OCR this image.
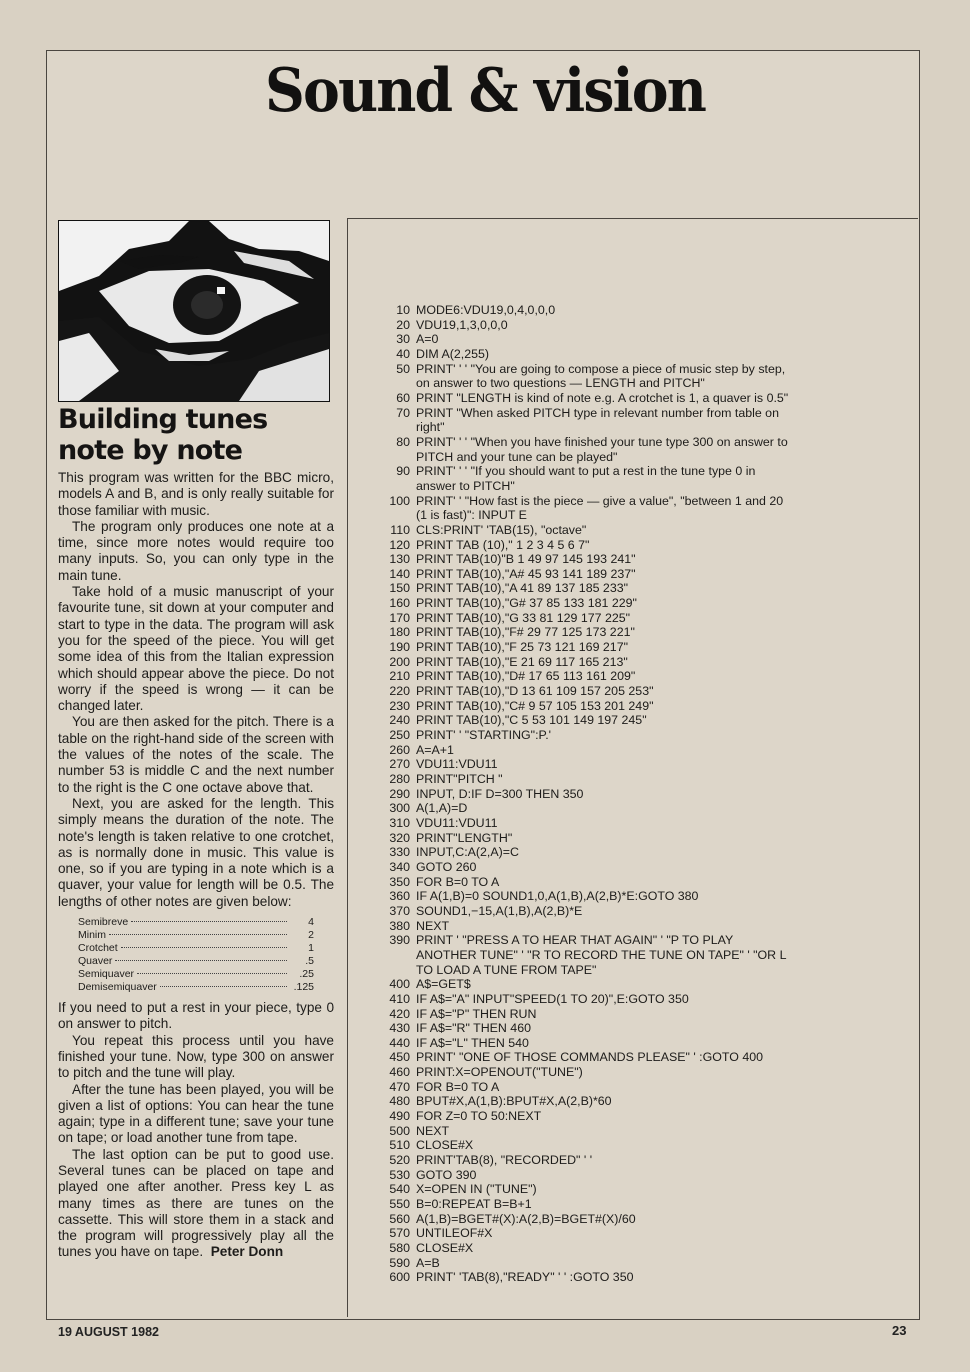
Sound & vision
Building tunes
note by note

This program was written for the BBC micro, models A and B, and is only really suitable for those familiar with music.

The program only produces one note at a time, since more notes would require too many inputs. So, you can only type in the main tune.

Take hold of a music manuscript of your favourite tune, sit down at your computer and start to type in the data. The program will ask you for the speed of the piece. You will get some idea of this from the Italian expression which should appear above the piece. Do not worry if the speed is wrong — it can be changed later.

You are then asked for the pitch. There is a table on the right-hand side of the screen with the values of the notes of the scale. The number 53 is middle C and the next number to the right is the C one octave above that.

Next, you are asked for the length. This simply means the duration of the note. The note's length is taken relative to one crotchet, as is normally done in music. This value is one, so if you are typing in a note which is a quaver, your value for length will be 0.5. The lengths of other notes are given below:

Semibreve	4
Minim	2
Crotchet	1
Quaver	.5
Semiquaver	.25
Demisemiquaver	.125

If you need to put a rest in your piece, type 0 on answer to pitch.

You repeat this process until you have finished your tune. Now, type 300 on answer to pitch and the tune will play.

After the tune has been played, you will be given a list of options: You can hear the tune again; type in a different tune; save your tune on tape; or load another tune from tape.

The last option can be put to good use. Several tunes can be placed on tape and played one after another. Press key L as many times as there are tunes on the cassette. This will store them in a stack and the program will progressively play all the tunes you have on tape. Peter Donn

10 MODE6:VDU19,0,4,0,0,0
20 VDU19,1,3,0,0,0
30 A=0
40 DIM A(2,255)
50 PRINT' ' ' "You are going to compose a piece of music step by step, on answer to two questions — LENGTH and PITCH"
60 PRINT "LENGTH is kind of note e.g. A crotchet is 1, a quaver is 0.5"
70 PRINT "When asked PITCH type in relevant number from table on right"
80 PRINT' ' ' "When you have finished your tune type 300 on answer to PITCH and your tune can be played"
90 PRINT' ' ' "If you should want to put a rest in the tune type 0 in answer to PITCH"
100 PRINT' ' "How fast is the piece — give a value", "between 1 and 20 (1 is fast)": INPUT E
110 CLS:PRINT' 'TAB(15), "octave"
120 PRINT TAB (10)," 1 2 3 4 5 6 7"
130 PRINT TAB(10)"B 1 49 97 145 193 241"
140 PRINT TAB(10),"A# 45 93 141 189 237"
150 PRINT TAB(10),"A 41 89 137 185 233"
160 PRINT TAB(10),"G# 37 85 133 181 229"
170 PRINT TAB(10),"G 33 81 129 177 225"
180 PRINT TAB(10),"F# 29 77 125 173 221"
190 PRINT TAB(10),"F 25 73 121 169 217"
200 PRINT TAB(10),"E 21 69 117 165 213"
210 PRINT TAB(10),"D# 17 65 113 161 209"
220 PRINT TAB(10),"D 13 61 109 157 205 253"
230 PRINT TAB(10),"C# 9 57 105 153 201 249"
240 PRINT TAB(10),"C 5 53 101 149 197 245"
250 PRINT' ' "STARTING":P.'
260 A=A+1
270 VDU11:VDU11
280 PRINT"PITCH "
290 INPUT, D:IF D=300 THEN 350
300 A(1,A)=D
310 VDU11:VDU11
320 PRINT"LENGTH"
330 INPUT,C:A(2,A)=C
340 GOTO 260
350 FOR B=0 TO A
360 IF A(1,B)=0 SOUND1,0,A(1,B),A(2,B)*E:GOTO 380
370 SOUND1,−15,A(1,B),A(2,B)*E
380 NEXT
390 PRINT ' "PRESS A TO HEAR THAT AGAIN" ' "P TO PLAY ANOTHER TUNE" ' "R TO RECORD THE TUNE ON TAPE" ' "OR L TO LOAD A TUNE FROM TAPE"
400 A$=GET$
410 IF A$="A" INPUT"SPEED(1 TO 20)",E:GOTO 350
420 IF A$="P" THEN RUN
430 IF A$="R" THEN 460
440 IF A$="L" THEN 540
450 PRINT' "ONE OF THOSE COMMANDS PLEASE" ' :GOTO 400
460 PRINT:X=OPENOUT("TUNE")
470 FOR B=0 TO A
480 BPUT#X,A(1,B):BPUT#X,A(2,B)*60
490 FOR Z=0 TO 50:NEXT
500 NEXT
510 CLOSE#X
520 PRINT'TAB(8), "RECORDED" ' '
530 GOTO 390
540 X=OPEN IN ("TUNE")
550 B=0:REPEAT B=B+1
560 A(1,B)=BGET#(X):A(2,B)=BGET#(X)/60
570 UNTILEOF#X
580 CLOSE#X
590 A=B
600 PRINT' 'TAB(8),"READY" ' ' :GOTO 350
19 AUGUST 1982	23
